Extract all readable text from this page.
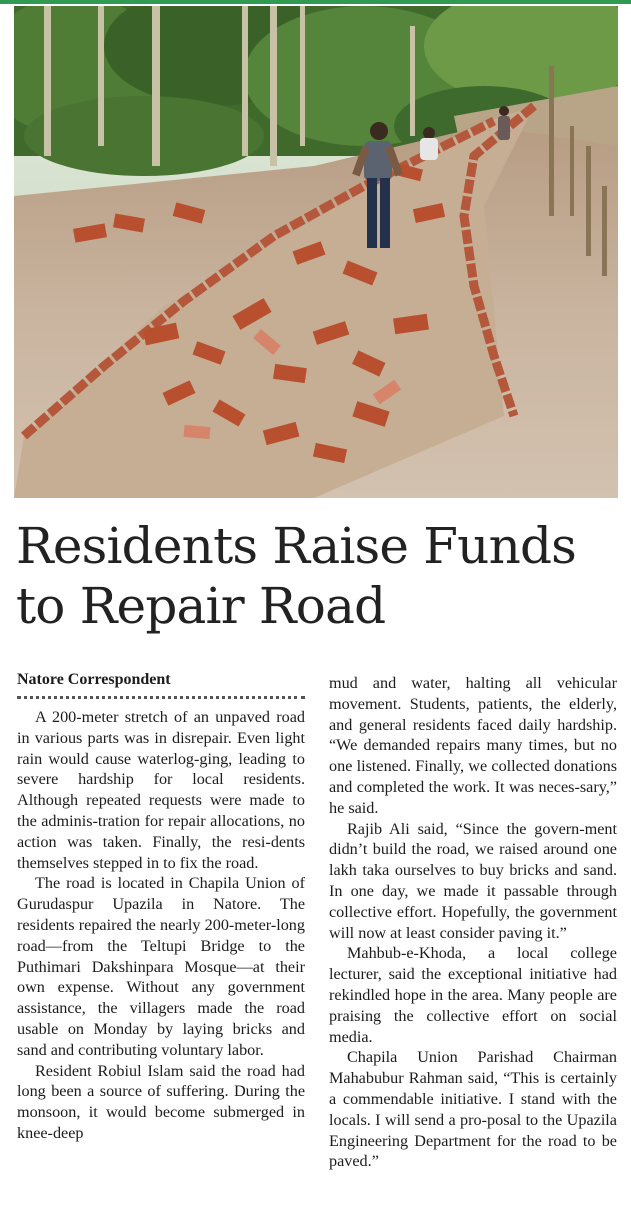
Residents Raise Funds
to Repair Road
Natore Correspondent

A 200-meter stretch of an unpaved road in various parts was in disrepair. Even light rain would cause waterlog-ging, leading to severe hardship for local residents. Although repeated requests were made to the adminis-tration for repair allocations, no action was taken. Finally, the resi-dents themselves stepped in to fix the road.

The road is located in Chapila Union of Gurudaspur Upazila in Natore. The residents repaired the nearly 200-meter-long road—from the Teltupi Bridge to the Puthimari Dakshinpara Mosque—at their own expense. Without any government assistance, the villagers made the road usable on Monday by laying bricks and sand and contributing voluntary labor.

Resident Robiul Islam said the road had long been a source of suffering. During the monsoon, it would become submerged in knee-deep

mud and water, halting all vehicular movement. Students, patients, the elderly, and general residents faced daily hardship. “We demanded repairs many times, but no one listened. Finally, we collected donations and completed the work. It was neces-sary,” he said.

Rajib Ali said, “Since the govern-ment didn’t build the road, we raised around one lakh taka ourselves to buy bricks and sand. In one day, we made it passable through collective effort. Hopefully, the government will now at least consider paving it.”

Mahbub-e-Khoda, a local college lecturer, said the exceptional initiative had rekindled hope in the area. Many people are praising the collective effort on social media.

Chapila Union Parishad Chairman Mahabubur Rahman said, “This is certainly a commendable initiative. I stand with the locals. I will send a pro-posal to the Upazila Engineering Department for the road to be paved.”
